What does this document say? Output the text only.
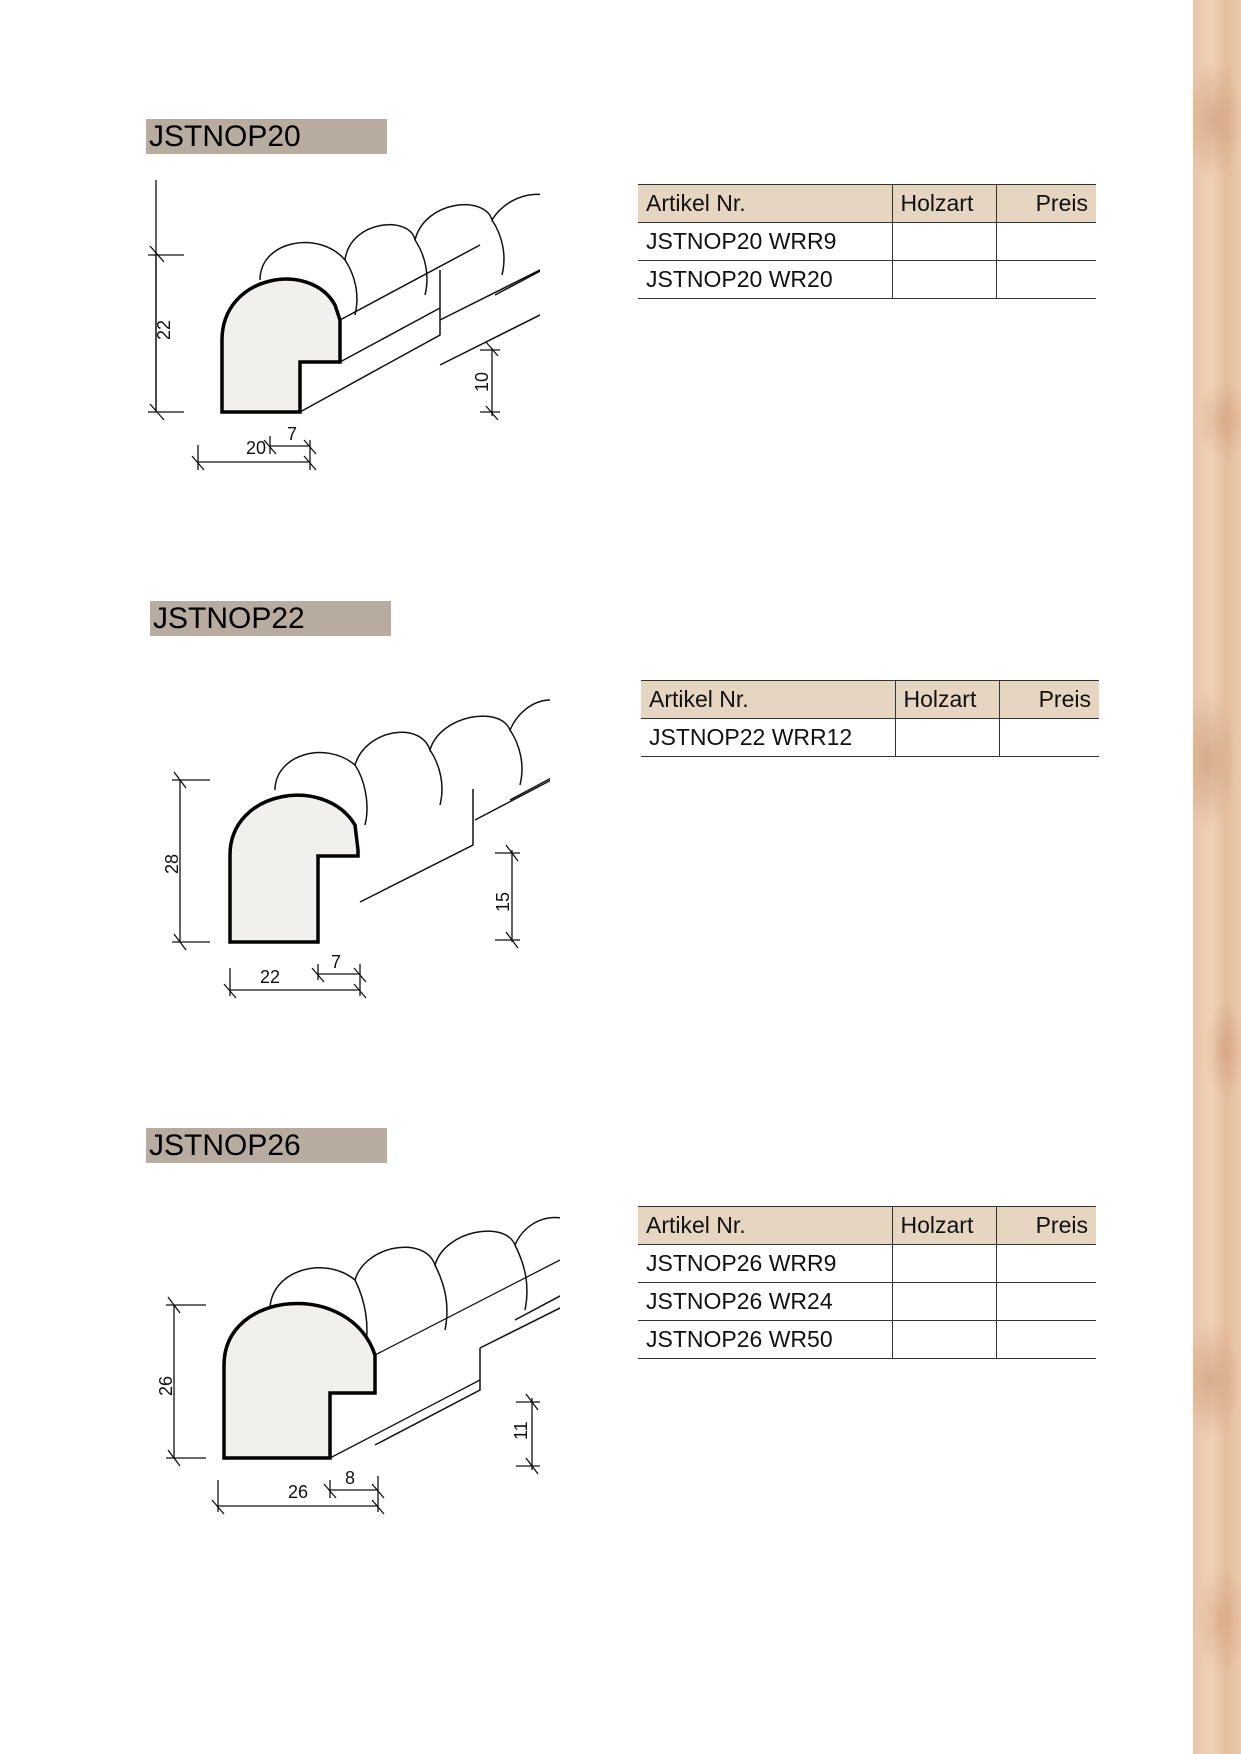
JSTNOP20
22
20
7
10
Artikel Nr.	Holzart	Preis
JSTNOP20 WRR9		
JSTNOP20 WR20		
JSTNOP22
28
22
7
15
Artikel Nr.	Holzart	Preis
JSTNOP22 WRR12		
JSTNOP26
26
26
8
11
Artikel Nr.	Holzart	Preis
JSTNOP26 WRR9		
JSTNOP26 WR24		
JSTNOP26 WR50		
